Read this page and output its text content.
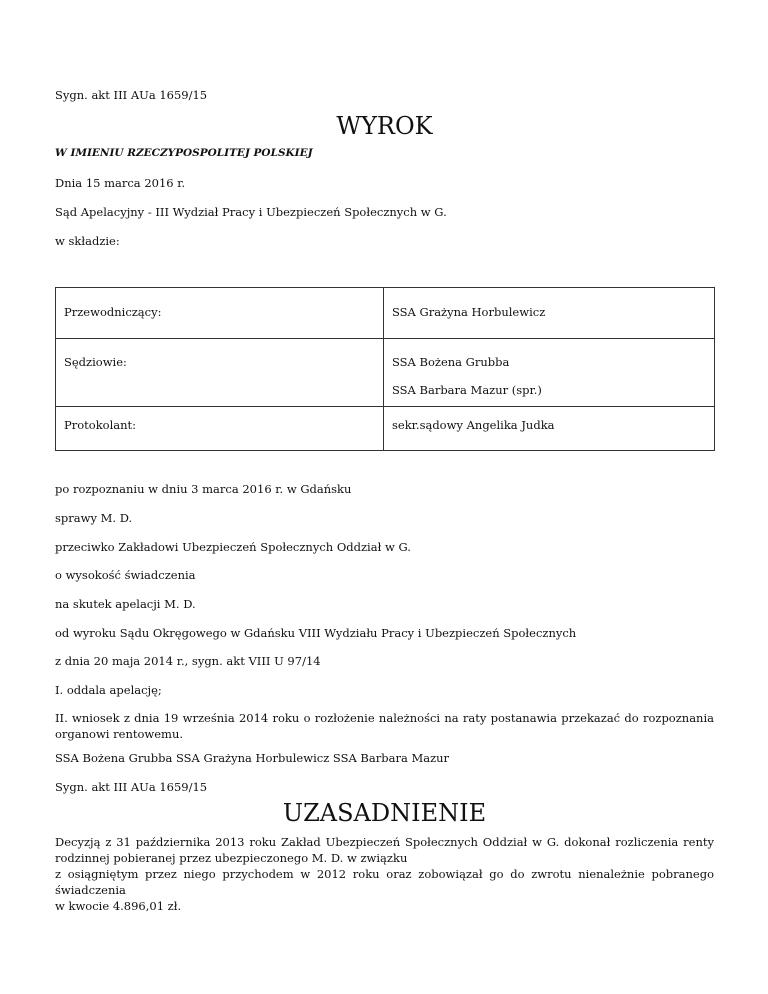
Sygn. akt III AUa 1659/15
WYROK
W IMIENIU RZECZYPOSPOLITEJ POLSKIEJ
Dnia 15 marca 2016 r.
Sąd Apelacyjny - III Wydział Pracy i Ubezpieczeń Społecznych w G.
w składzie:
Przewodniczący:	SSA Grażyna Horbulewicz

Sędziowie:	SSA Bożena Grubba
SSA Barbara Mazur (spr.)

Protokolant:	sekr.sądowy Angelika Judka
po rozpoznaniu w dniu 3 marca 2016 r. w Gdańsku
sprawy M. D.
przeciwko Zakładowi Ubezpieczeń Społecznych Oddział w G.
o wysokość świadczenia
na skutek apelacji M. D.
od wyroku Sądu Okręgowego w Gdańsku VIII Wydziału Pracy i Ubezpieczeń Społecznych
z dnia 20 maja 2014 r., sygn. akt VIII U 97/14
I. oddala apelację;
II. wniosek z dnia 19 września 2014 roku o rozłożenie należności na raty postanawia przekazać do rozpoznania
organowi rentowemu.
SSA Bożena Grubba SSA Grażyna Horbulewicz SSA Barbara Mazur
Sygn. akt III AUa 1659/15
UZASADNIENIE
Decyzją z 31 października 2013 roku Zakład Ubezpieczeń Społecznych Oddział w G. dokonał rozliczenia renty
rodzinnej pobieranej przez ubezpieczonego M. D. w związku
z osiągniętym przez niego przychodem w 2012 roku oraz zobowiązał go do zwrotu nienależnie pobranego świadczenia
w kwocie 4.896,01 zł.
